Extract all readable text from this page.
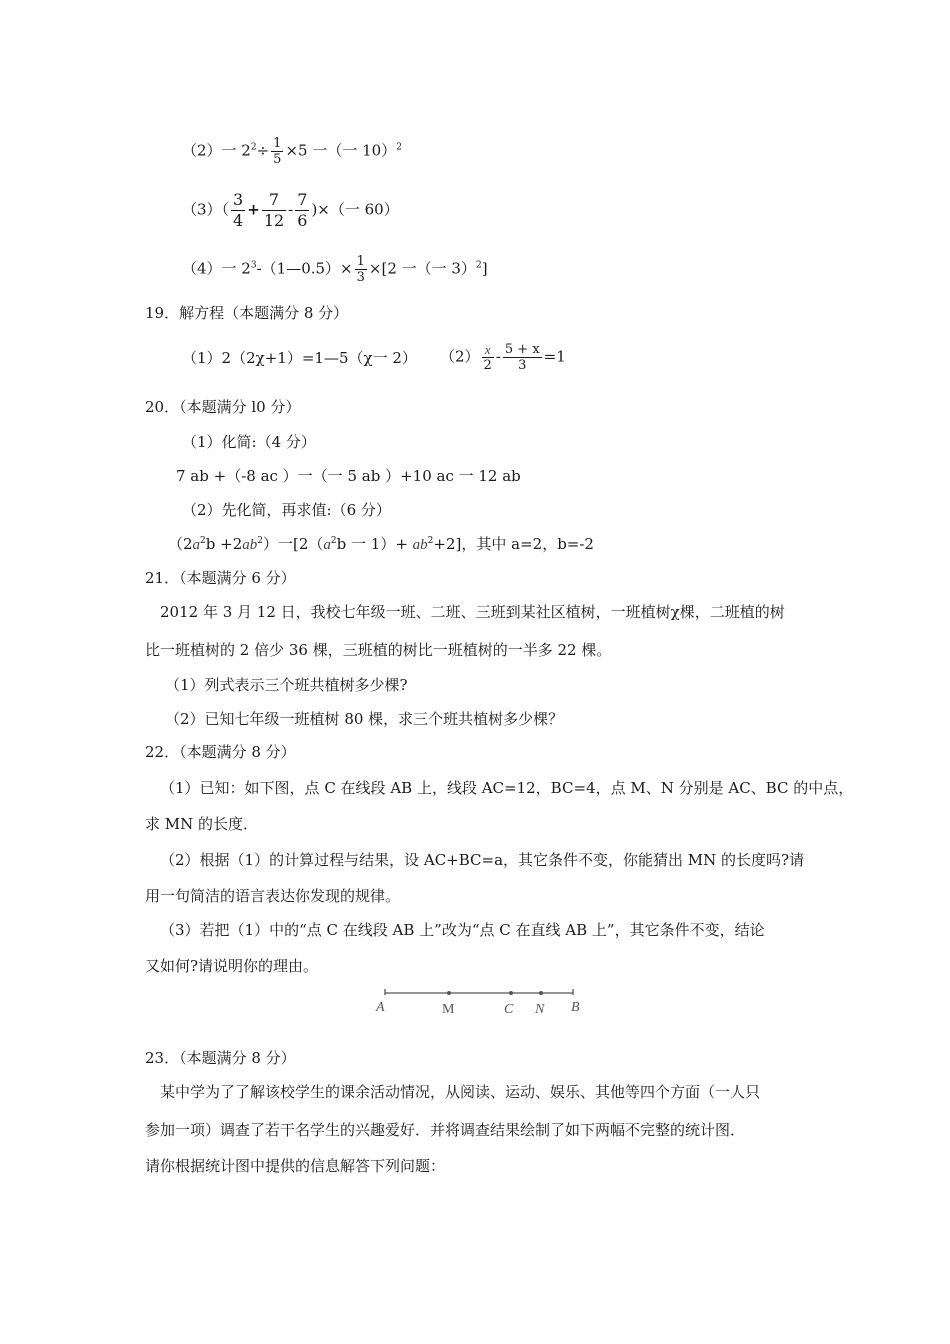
（2）一 $2^2\div \frac{1}{5} \times 5$ 一（一 10）$^2$
$(3)( \frac{3}{4} + \frac{7}{12} - \frac{7}{6}$ )×（一 60）
（4）一 $2^3-(1—0.5)\times \frac{1}{3} \times[2$ 一（一 3）$^2$]
19．解方程（本题满分 8 分）
（1）2（2χ+1）=1—5（χ一 2） $(2) \frac{x}{2} - \frac{5 + x}{3} =1$
20．（本题满分 l0 分）
（1）化简:（4 分）
7 ab +（-8 ac ）一（一 5 ab ）+10 ac 一 12 ab
（2）先化简，再求值:（6 分）
$(2a^2b +2ab^2)$一[$2(a^2b$ 一 $1)+ ab^2+2$]，其中 a=2，b=-2
21．（本题满分 6 分）
2012 年 3 月 12 日，我校七年级一班、二班、三班到某社区植树，一班植树χ棵，二班植的树
比一班植树的 2 倍少 36 棵，三班植的树比一班植树的一半多 22 棵。
（1）列式表示三个班共植树多少棵?
（2）已知七年级一班植树 80 棵，求三个班共植树多少棵？
22．（本题满分 8 分）
（1）已知：如下图，点 C 在线段 AB 上，线段 AC=12，BC=4，点 M、N 分别是 AC、BC 的中点，
求 MN 的长度．
（2）根据（1）的计算过程与结果，设 AC+BC=a，其它条件不变，你能猜出 MN 的长度吗?请
用一句简洁的语言表达你发现的规律。
（3）若把（1）中的“点 C 在线段 AB 上”改为“点 C 在直线 AB 上”，其它条件不变，结论
又如何?请说明你的理由。
A	M	C N B
23．（本题满分 8 分）
某中学为了了解该校学生的课余活动情况，从阅读、运动、娱乐、其他等四个方面（一人只
参加一项）调查了若干名学生的兴趣爱好．并将调查结果绘制了如下两幅不完整的统计图．
请你根据统计图中提供的信息解答下列问题：
